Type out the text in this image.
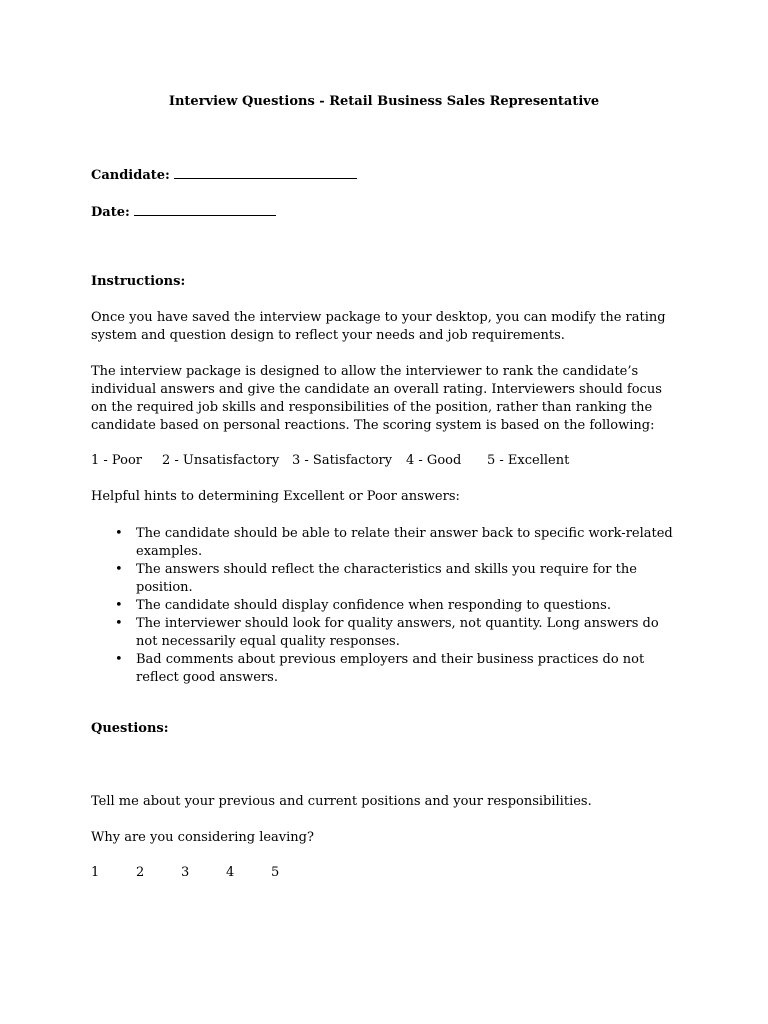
Interview Questions - Retail Business Sales Representative
Candidate:
Date:
Instructions:
Once you have saved the interview package to your desktop, you can modify the rating system and question design to reflect your needs and job requirements.
The interview package is designed to allow the interviewer to rank the candidate’s individual answers and give the candidate an overall rating. Interviewers should focus on the required job skills and responsibilities of the position, rather than ranking the candidate based on personal reactions. The scoring system is based on the following:
1 - Poor 2 - Unsatisfactory 3 - Satisfactory 4 - Good 5 - Excellent
Helpful hints to determining Excellent or Poor answers:
• The candidate should be able to relate their answer back to specific work-related examples.
• The answers should reflect the characteristics and skills you require for the position.
• The candidate should display confidence when responding to questions.
• The interviewer should look for quality answers, not quantity. Long answers do not necessarily equal quality responses.
• Bad comments about previous employers and their business practices do not reflect good answers.
Questions:
Tell me about your previous and current positions and your responsibilities.
Why are you considering leaving?
1	2	3	4	5
